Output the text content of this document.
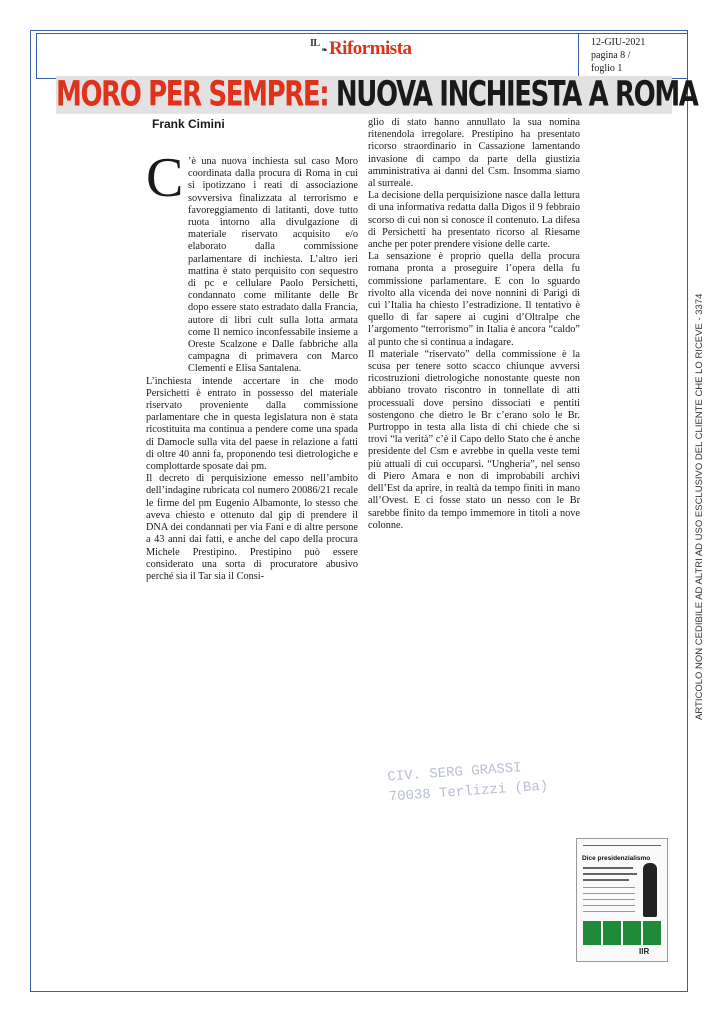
$^{IL}$❧ Riformista	12-GIU-2021
pagina 8 /
foglio 1
MORO PER SEMPRE: NUOVA INCHIESTA A ROMA
Frank Cimini
C ’è una nuova inchiesta sul caso Moro coordinata dalla procura di Roma in cui si ipotizzano i reati di associazione sovversiva finalizzata al terrorismo e favoreggiamento di latitanti, dove tutto ruota intorno alla divulgazione di materiale riservato acquisito e/o elaborato dalla commissione parlamentare di inchiesta. L’altro ieri mattina è stato perquisito con sequestro di pc e cellulare Paolo Persichetti, condannato come militante delle Br dopo essere stato estradato dalla Francia, autore di libri cult sulla lotta armata come Il nemico inconfessabile insieme a Oreste Scalzone e Dalle fabbriche alla campagna di primavera con Marco Clementi e Elisa Santalena.

L’inchiesta intende accertare in che modo Persichetti è entrato in possesso del materiale riservato proveniente dalla commissione parlamentare che in questa legislatura non è stata ricostituita ma continua a pendere come una spada di Damocle sulla vita del paese in relazione a fatti di oltre 40 anni fa, proponendo tesi dietrologiche e complottarde sposate dai pm.

Il decreto di perquisizione emesso nell’ambito dell’indagine rubricata col numero 20086/21 recale le firme del pm Eugenio Albamonte, lo stesso che aveva chiesto e ottenuto dal gip di prendere il DNA dei condannati per via Fani e di altre persone a 43 anni dai fatti, e anche del capo della procura Michele Prestipino. Prestipino può essere considerato una sorta di procuratore abusivo perché sia il Tar sia il Consi-

glio di stato hanno annullato la sua nomina ritenendola irregolare. Prestipino ha presentato ricorso straordinario in Cassazione lamentando invasione di campo da parte della giustizia amministrativa ai danni del Csm. Insomma siamo al surreale.

La decisione della perquisizione nasce dalla lettura di una informativa redatta dalla Digos il 9 febbraio scorso di cui non si conosce il contenuto. La difesa di Persichetti ha presentato ricorso al Riesame anche per poter prendere visione delle carte.

La sensazione è proprio quella della procura romana pronta a proseguire l’opera della fu commissione parlamentare. E con lo sguardo rivolto alla vicenda dei nove nonnini di Parigi di cui l’Italia ha chiesto l’estradizione. Il tentativo è quello di far sapere ai cugini d’Oltralpe che l’argomento “terrorismo” in Italia è ancora “caldo” al punto che si continua a indagare.

Il materiale “riservato” della commissione è la scusa per tenere sotto scacco chiunque avversi ricostruzioni dietrologiche nonostante queste non abbiano trovato riscontro in tonnellate di atti processuali dove persino dissociati e pentiti sostengono che dietro le Br c’erano solo le Br. Purtroppo in testa alla lista di chi chiede che si trovi “la verità” c’è il Capo dello Stato che è anche presidente del Csm e avrebbe in quella veste temi più attuali di cui occuparsi. “Ungheria”, nel senso di Piero Amara e non di improbabili archivi dell’Est da aprire, in realtà da tempo finiti in mano all’Ovest. E ci fosse stato un nesso con le Br sarebbe finito da tempo immemore in titoli a nove colonne.	ARTICOLO NON CEDIBILE AD ALTRI AD USO ESCLUSIVO DEL CLIENTE CHE LO RICEVE - 3374
CIV. SERG GRASSI
70038 Terlizzi (Ba)
Dice presidenzialismo
IlR
